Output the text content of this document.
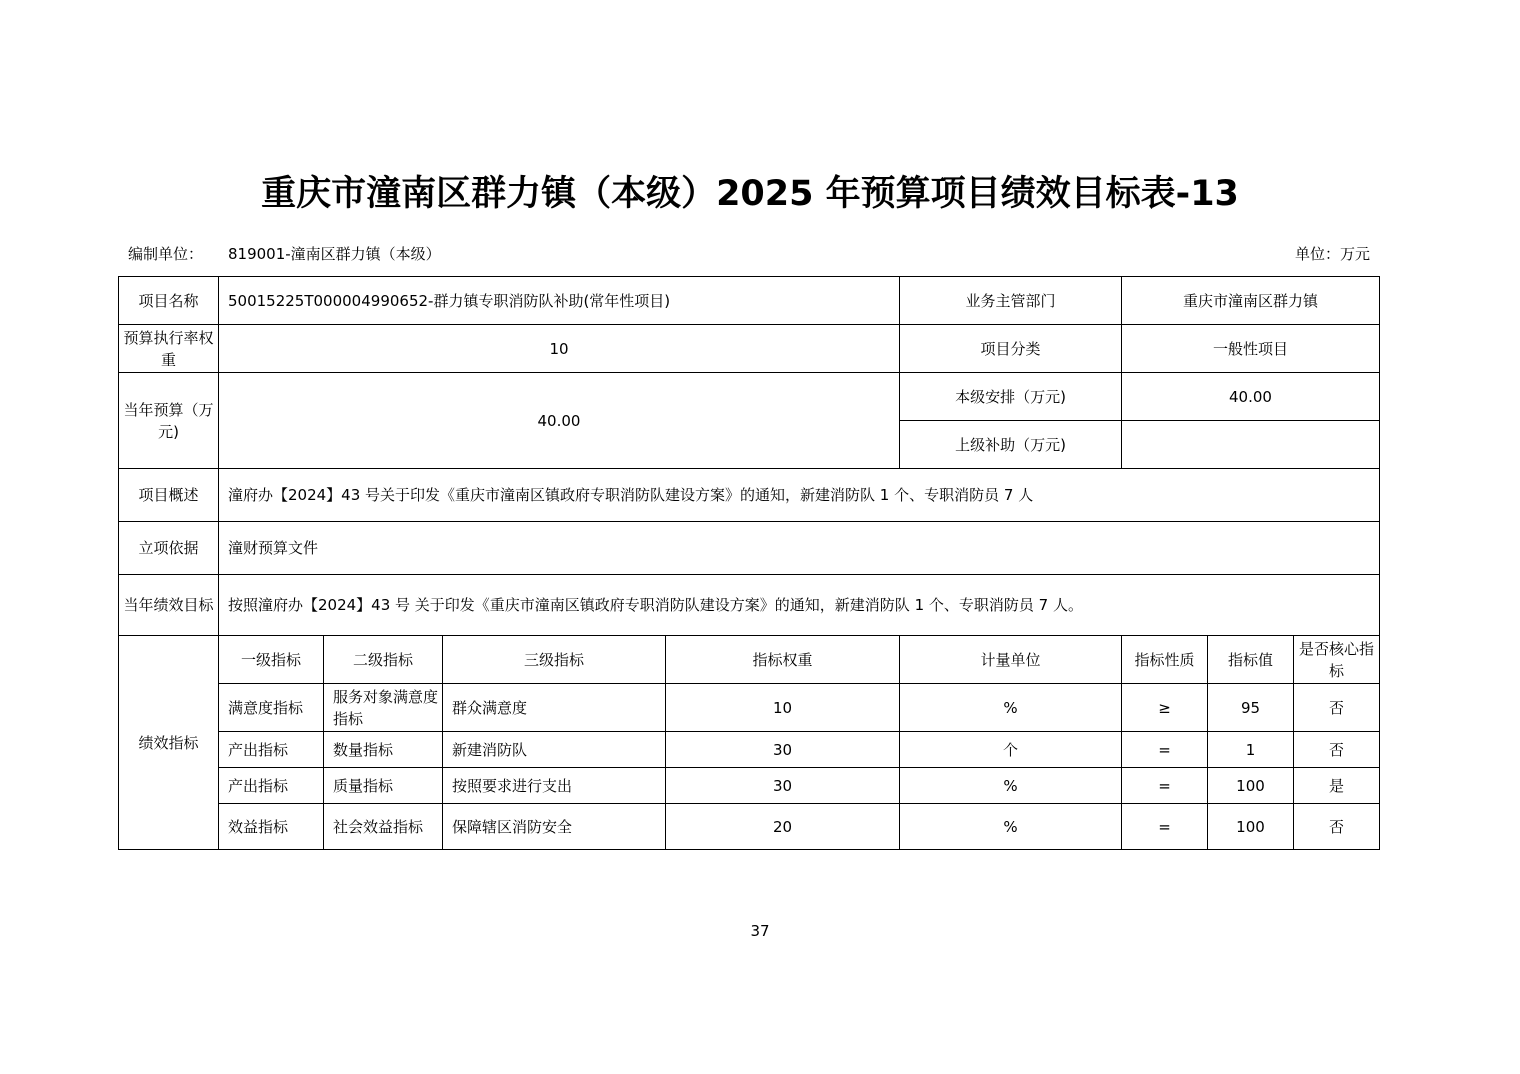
重庆市潼南区群力镇（本级）2025 年预算项目绩效目标表-13
编制单位： 819001-潼南区群力镇（本级）	单位：万元
项目名称	50015225T000004990652-群力镇专职消防队补助(常年性项目)				业务主管部门	重庆市潼南区群力镇		
预算执行率权重	10				项目分类	一般性项目		
当年预算（万元)	40.00				本级安排（万元)	40.00		
					上级补助（万元)			
项目概述	潼府办【2024】43 号关于印发《重庆市潼南区镇政府专职消防队建设方案》的通知，新建消防队 1 个、专职消防员 7 人							
立项依据	潼财预算文件							
当年绩效目标	按照潼府办【2024】43 号 关于印发《重庆市潼南区镇政府专职消防队建设方案》的通知，新建消防队 1 个、专职消防员 7 人。							
绩效指标	一级指标	二级指标	三级指标	指标权重	计量单位	指标性质	指标值	是否核心指标
	满意度指标	服务对象满意度指标	群众满意度	10	%	≥	95	否
	产出指标	数量指标	新建消防队	30	个	=	1	否
	产出指标	质量指标	按照要求进行支出	30	%	=	100	是
	效益指标	社会效益指标	保障辖区消防安全	20	%	=	100	否
37
